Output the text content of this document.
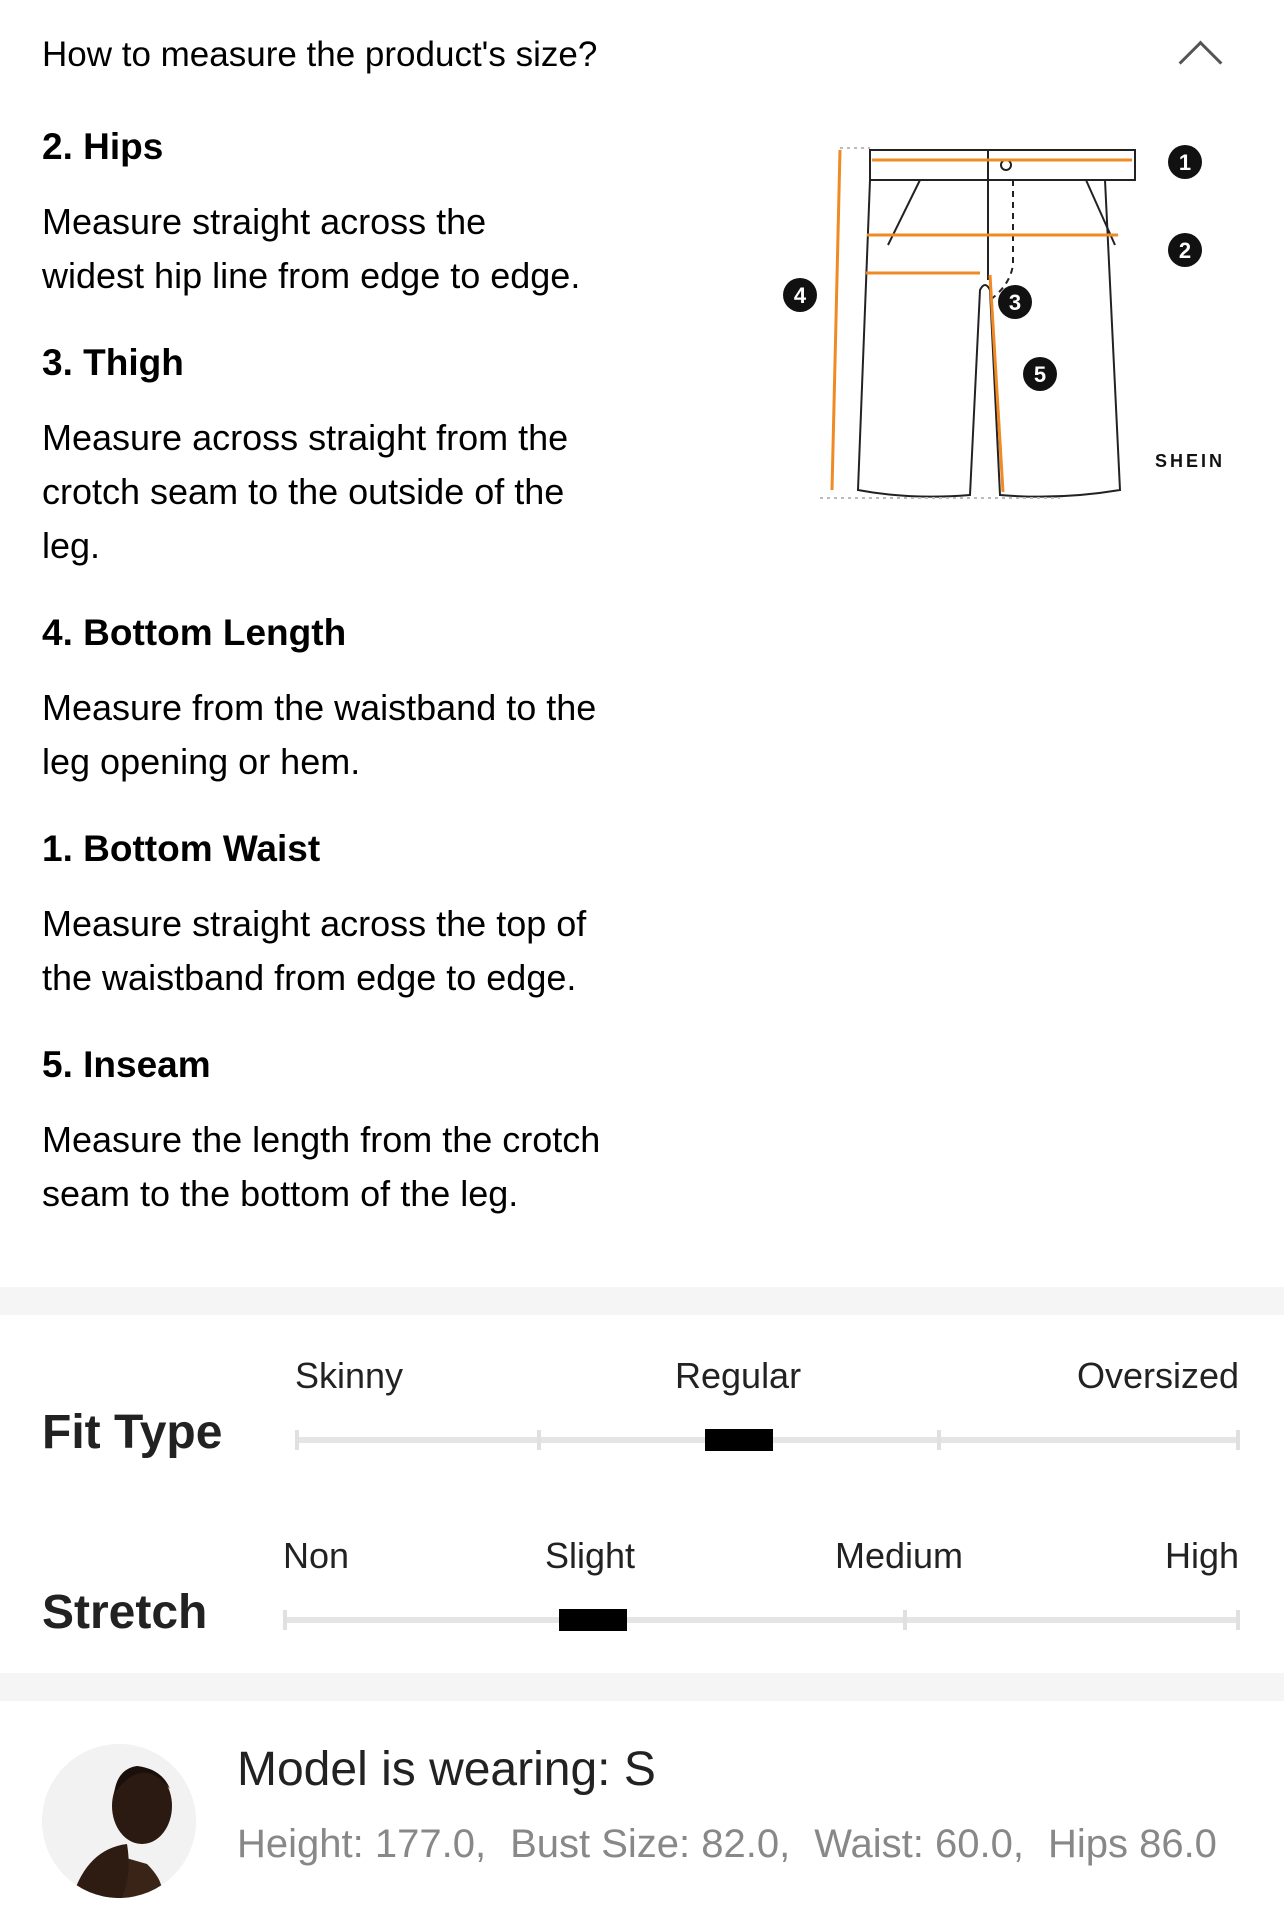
How to measure the product's size?

2. Hips

Measure straight across the widest hip line from edge to edge.

3. Thigh

Measure across straight from the crotch seam to the outside of the leg.

4. Bottom Length

Measure from the waistband to the leg opening or hem.

1. Bottom Waist

Measure straight across the top of the waistband from edge to edge.

5. Inseam

Measure the length from the crotch seam to the bottom of the leg.

1
2
3
4
5
SHEIN
Fit Type
Skinny	Regular	Oversized
Stretch
Non	Slight	Medium	High
Model is wearing: S
Height: 177.0, Bust Size: 82.0, Waist: 60.0, Hips 86.0
